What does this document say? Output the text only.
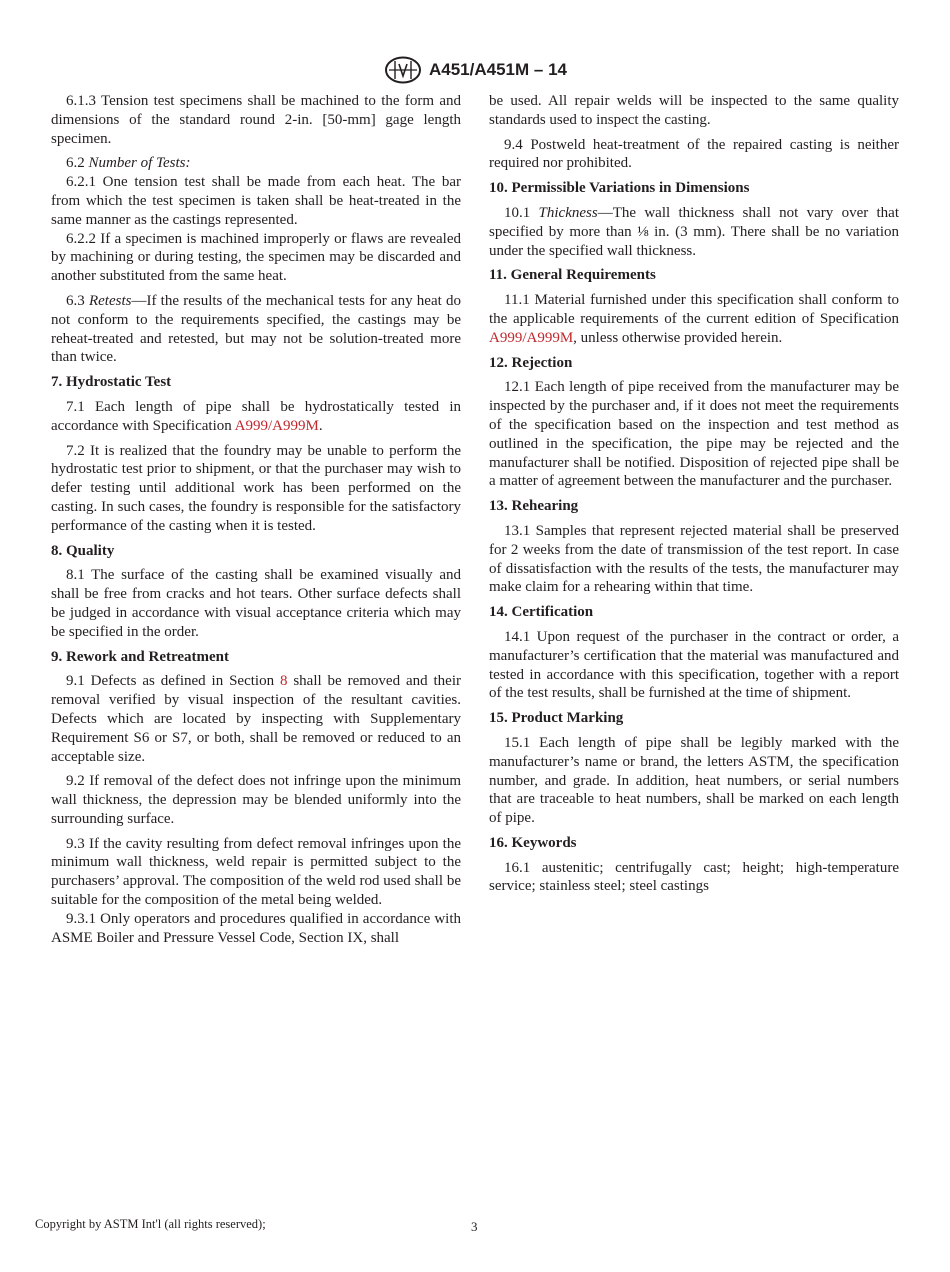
A451/A451M – 14

6.1.3 Tension test specimens shall be machined to the form and dimensions of the standard round 2-in. [50-mm] gage length specimen.

6.2 Number of Tests:

6.2.1 One tension test shall be made from each heat. The bar from which the test specimen is taken shall be heat-treated in the same manner as the castings represented.

6.2.2 If a specimen is machined improperly or flaws are revealed by machining or during testing, the specimen may be discarded and another substituted from the same heat.

6.3 Retests—If the results of the mechanical tests for any heat do not conform to the requirements specified, the castings may be reheat-treated and retested, but may not be solution-treated more than twice.

7. Hydrostatic Test

7.1 Each length of pipe shall be hydrostatically tested in accordance with Specification A999/A999M.

7.2 It is realized that the foundry may be unable to perform the hydrostatic test prior to shipment, or that the purchaser may wish to defer testing until additional work has been performed on the casting. In such cases, the foundry is responsible for the satisfactory performance of the casting when it is tested.

8. Quality

8.1 The surface of the casting shall be examined visually and shall be free from cracks and hot tears. Other surface defects shall be judged in accordance with visual acceptance criteria which may be specified in the order.

9. Rework and Retreatment

9.1 Defects as defined in Section 8 shall be removed and their removal verified by visual inspection of the resultant cavities. Defects which are located by inspecting with Supplementary Requirement S6 or S7, or both, shall be removed or reduced to an acceptable size.

9.2 If removal of the defect does not infringe upon the minimum wall thickness, the depression may be blended uniformly into the surrounding surface.

9.3 If the cavity resulting from defect removal infringes upon the minimum wall thickness, weld repair is permitted subject to the purchasers’ approval. The composition of the weld rod used shall be suitable for the composition of the metal being welded.

9.3.1 Only operators and procedures qualified in accordance with ASME Boiler and Pressure Vessel Code, Section IX, shall

be used. All repair welds will be inspected to the same quality standards used to inspect the casting.

9.4 Postweld heat-treatment of the repaired casting is neither required nor prohibited.

10. Permissible Variations in Dimensions

10.1 Thickness—The wall thickness shall not vary over that specified by more than ⅛ in. (3 mm). There shall be no variation under the specified wall thickness.

11. General Requirements

11.1 Material furnished under this specification shall conform to the applicable requirements of the current edition of Specification A999/A999M, unless otherwise provided herein.

12. Rejection

12.1 Each length of pipe received from the manufacturer may be inspected by the purchaser and, if it does not meet the requirements of the specification based on the inspection and test method as outlined in the specification, the pipe may be rejected and the manufacturer shall be notified. Disposition of rejected pipe shall be a matter of agreement between the manufacturer and the purchaser.

13. Rehearing

13.1 Samples that represent rejected material shall be preserved for 2 weeks from the date of transmission of the test report. In case of dissatisfaction with the results of the tests, the manufacturer may make claim for a rehearing within that time.

14. Certification

14.1 Upon request of the purchaser in the contract or order, a manufacturer’s certification that the material was manufactured and tested in accordance with this specification, together with a report of the test results, shall be furnished at the time of shipment.

15. Product Marking

15.1 Each length of pipe shall be legibly marked with the manufacturer’s name or brand, the letters ASTM, the specification number, and grade. In addition, heat numbers, or serial numbers that are traceable to heat numbers, shall be marked on each length of pipe.

16. Keywords

16.1 austenitic; centrifugally cast; height; high-temperature service; stainless steel; steel castings

Copyright by ASTM Int'l (all rights reserved);	3
